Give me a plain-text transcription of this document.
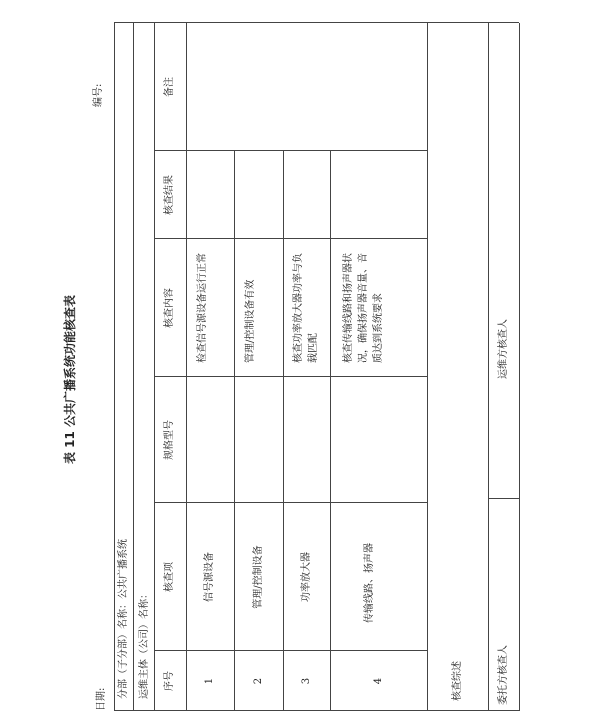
表 11 公共广播系统功能核查表
编号:
日期:
分部（子分部）名称：公共广播系统 运维主体（公司）名称： 序号
核查项
规格型号
核查内容
核查结果
备注
1
信号源设备
检查信号源设备运行正常
2
管理/控制设备
管理/控制设备有效
3
功率放大器
核查功率放大器功率与负载匹配
4
传输线路、扬声器
核查传输线路和扬声器状况，确保扬声器音量、音质达到系统要求
核查综述	委托方核查人
运维方核查人
